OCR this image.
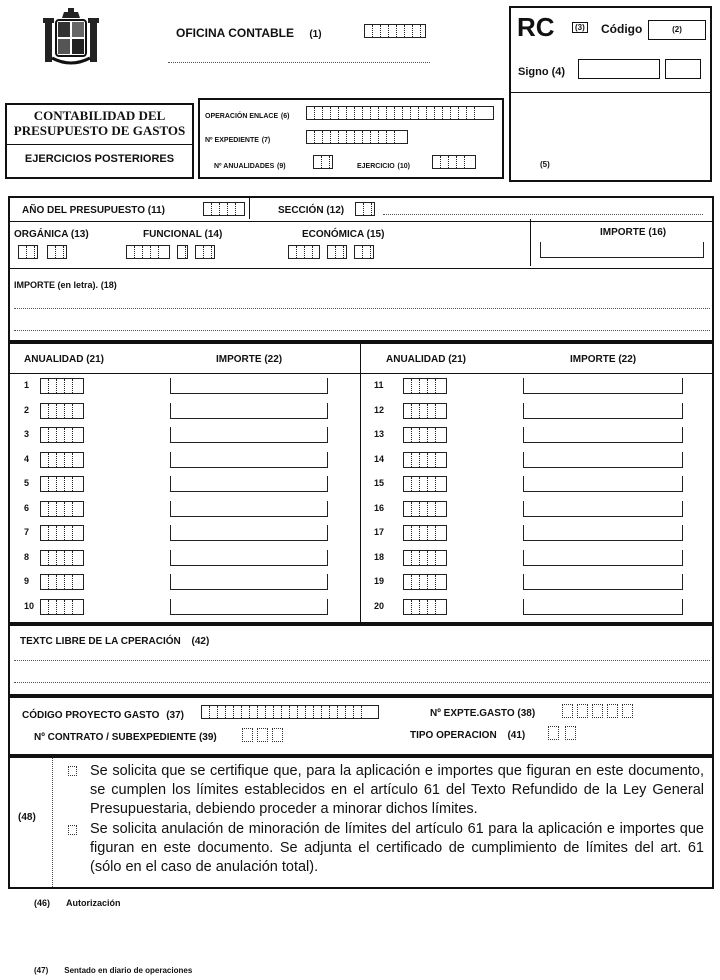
OFICINA CONTABLE (1)	RC	(3) Código	(2)
Signo (4)
(5)
CONTABILIDAD DEL
PRESUPUESTO DE GASTOS
EJERCICIOS POSTERIORES
OPERACIÓN ENLACE (6)
Nº EXPEDIENTE (7)
Nº ANUALIDADES (9)	EJERCICIO (10)
AÑO DEL PRESUPUESTO (11)	SECCIÓN (12)
ORGÁNICA (13)
	FUNCIONAL (14)
	ECONÓMICA (15)
	IMPORTE (16)
IMPORTE (en letra). (18)
ANUALIDAD (21)	IMPORTE (22)	ANUALIDAD (21)	IMPORTE (22)
1
2
3
4
5
6
7
8
9
10
11
12
13
14
15
16
17
18
19
20
TEXTC LIBRE DE LA CPERACIÓN (42)
CÓDIGO PROYECTO GASTO (37)	Nº EXPTE.GASTO (38)
Nº CONTRATO / SUBEXPEDIENTE (39)	TIPO OPERACION (41)
(48)
Se solicita que se certifique que, para la aplicación e importes que figuran en este documento, se cumplen los límites establecidos en el artículo 61 del Texto Refundido de la Ley General Presupuestaria, debiendo proceder a minorar dichos límites.
Se solicita anulación de minoración de límites del artículo 61 para la aplicación e importes que figuran en este documento. Se adjunta el certificado de cumplimiento de límites del art. 61 (sólo en el caso de anulación total).
(46) Autorización
(47) Sentado en diario de operaciones
